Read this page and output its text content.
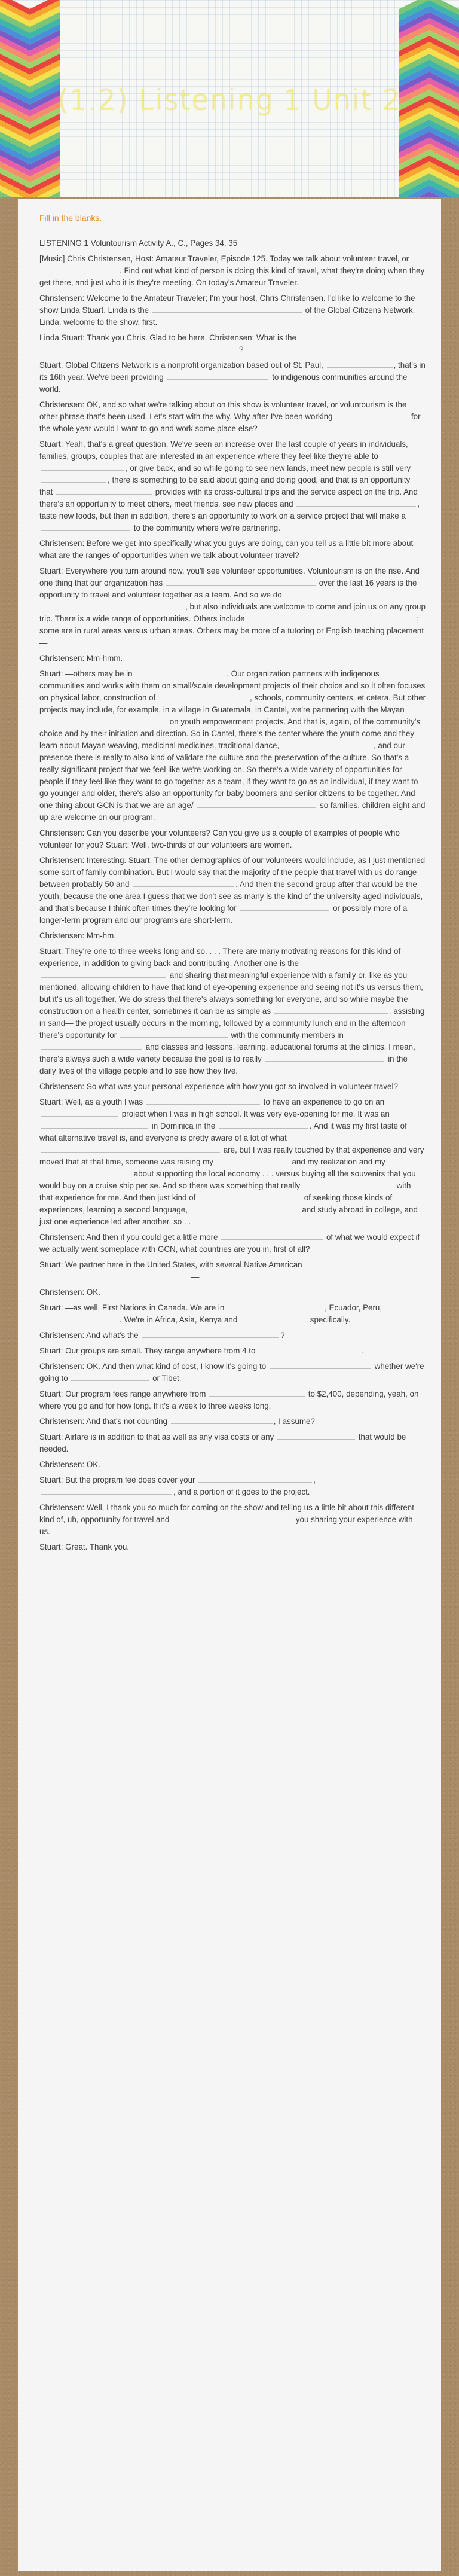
(1.2) Listening 1 Unit 2
Fill in the blanks.

LISTENING 1 Voluntourism Activity A., C., Pages 34, 35

[Music] Chris Christensen, Host: Amateur Traveler, Episode 125. Today we talk about volunteer travel, or . Find out what kind of person is doing this kind of travel, what they're doing when they get there, and just who it is they're meeting. On today's Amateur Traveler.

Christensen: Welcome to the Amateur Traveler; I'm your host, Chris Christensen. I'd like to welcome to the show Linda Stuart. Linda is the	of the Global Citizens Network. Linda, welcome to the show, first.

Linda Stuart: Thank you Chris. Glad to be here. Christensen: What is the ?

Stuart: Global Citizens Network is a nonprofit organization based out of St. Paul,	, that's in its 16th year. We've been providing	to indigenous communities around the world.

Christensen: OK, and so what we're talking about on this show is volunteer travel, or voluntourism is the other phrase that's been used. Let's start with the why. Why after I've been working	for the whole year would I want to go and work some place else?

Stuart: Yeah, that's a great question. We've seen an increase over the last couple of years in individuals, families, groups, couples that are interested in an experience where they feel like they're able to , or give back, and so while going to see new lands, meet new people is still very , there is something to be said about going and doing good, and that is an opportunity that	provides with its cross-cultural trips and the service aspect on the trip. And there's an opportunity to meet others, meet friends, see new places and	, taste new foods, but then in addition, there's an opportunity to work on a service project that will make a  to the community where we're partnering.

Christensen: Before we get into specifically what you guys are doing, can you tell us a little bit more about what are the ranges of opportunities when we talk about volunteer travel?

Stuart: Everywhere you turn around now, you'll see volunteer opportunities. Voluntourism is on the rise. And one thing that our organization has	over the last 16 years is the opportunity to travel and volunteer together as a team. And so we do , but also individuals are welcome to come and join us on any group trip. There is a wide range of opportunities. Others include	; some are in rural areas versus urban areas. Others may be more of a tutoring or English teaching placement—

Christensen: Mm-hmm.

Stuart: —others may be in	. Our organization partners with indigenous communities and works with them on small/scale development projects of their choice and so it often focuses on physical labor, construction of	, schools, community centers, et cetera. But other projects may include, for example, in a village in Guatemala, in Cantel, we're partnering with the Mayan  on youth empowerment projects. And that is, again, of the community's choice and by their initiation and direction. So in Cantel, there's the center where the youth come and they learn about Mayan weaving, medicinal medicines, traditional dance,	, and our presence there is really to also kind of validate the culture and the preservation of the culture. So that's a really significant project that we feel like we're working on. So there's a wide variety of opportunities for people if they feel like they want to go together as a team, if they want to go as an individual, if they want to go younger and older, there's also an opportunity for baby boomers and senior citizens to be together. And one thing about GCN is that we are an age/	so families, children eight and up are welcome on our program.

Christensen: Can you describe your volunteers? Can you give us a couple of examples of people who volunteer for you? Stuart: Well, two-thirds of our volunteers are women.

Christensen: Interesting. Stuart: The other demographics of our volunteers would include, as I just mentioned some sort of family combination. But I would say that the majority of the people that travel with us do range between probably 50 and	. And then the second group after that would be the youth, because the one area I guess that we don't see as many is the kind of the university-aged individuals, and that's because I think often times they're looking for	or possibly more of a longer-term program and our programs are short-term.

Christensen: Mm-hm.

Stuart: They're one to three weeks long and so. . . . There are many motivating reasons for this kind of experience, in addition to giving back and contributing. Another one is the  and sharing that meaningful experience with a family or, like as you mentioned, allowing children to have that kind of eye-opening experience and seeing not it's us versus them, but it's us all together. We do stress that there's always something for everyone, and so while maybe the construction on a health center, sometimes it can be as simple as	, assisting in sand— the project usually occurs in the morning, followed by a community lunch and in the afternoon there's opportunity for	with the community members in  and classes and lessons, learning, educational forums at the clinics. I mean, there's always such a wide variety because the goal is to really	in the daily lives of the village people and to see how they live.

Christensen: So what was your personal experience with how you got so involved in volunteer travel?

Stuart: Well, as a youth I was	to have an experience to go on an  project when I was in high school. It was very eye-opening for me. It was an  in Dominica in the	. And it was my first taste of what alternative travel is, and everyone is pretty aware of a lot of what  are, but I was really touched by that experience and very moved that at that time, someone was raising my	and my realization and my  about supporting the local economy . . . versus buying all the souvenirs that you would buy on a cruise ship per se. And so there was something that really	with that experience for me. And then just kind of	of seeking those kinds of experiences, learning a second language,	and study abroad in college, and just one experience led after another, so . .

Christensen: And then if you could get a little more	of what we would expect if we actually went someplace with GCN, what countries are you in, first of all?

Stuart: We partner here in the United States, with several Native American —

Christensen: OK.

Stuart: —as well, First Nations in Canada. We are in	, Ecuador, Peru, . We're in Africa, Asia, Kenya and	specifically.

Christensen: And what's the	?

Stuart: Our groups are small. They range anywhere from 4 to	.

Christensen: OK. And then what kind of cost, I know it's going to	whether we're going to	or Tibet.

Stuart: Our program fees range anywhere from	to $2,400, depending, yeah, on where you go and for how long. If it's a week to three weeks long.

Christensen: And that's not counting	, I assume?

Stuart: Airfare is in addition to that as well as any visa costs or any	that would be needed.

Christensen: OK.

Stuart: But the program fee does cover your	, , and a portion of it goes to the project.

Christensen: Well, I thank you so much for coming on the show and telling us a little bit about this different kind of, uh, opportunity for travel and	you sharing your experience with us.

Stuart: Great. Thank you.
